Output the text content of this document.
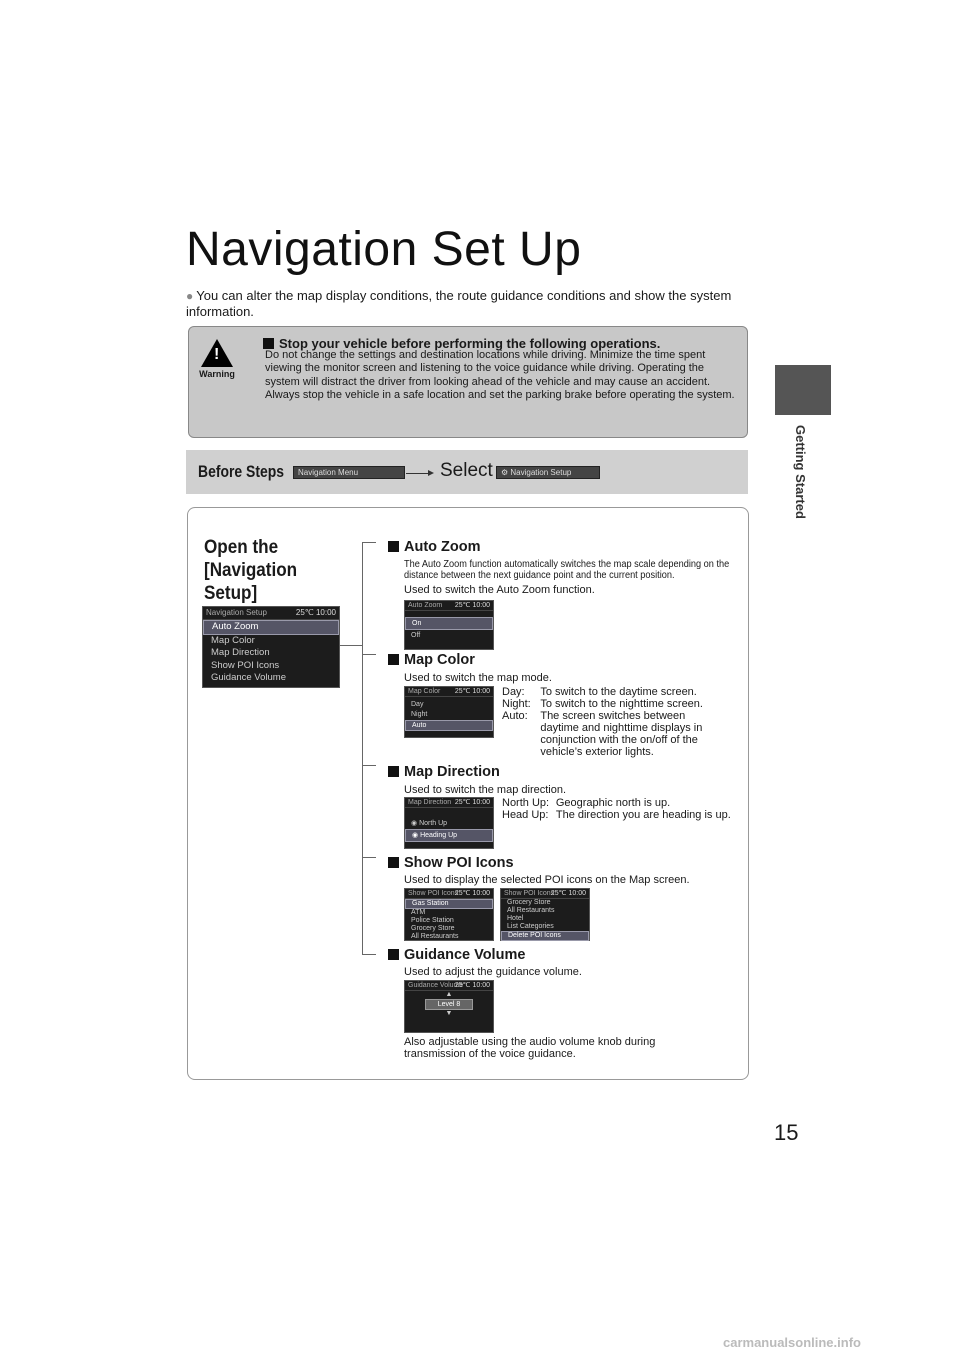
Getting Started
Navigation Set Up
● You can alter the map display conditions, the route guidance conditions and show the system information.
!
Warning
Stop your vehicle before performing the following operations.
Do not change the settings and destination locations while driving. Minimize the time spent viewing the monitor screen and listening to the voice guidance while driving. Operating the system will distract the driver from looking ahead of the vehicle and may cause an accident. Always stop the vehicle in a safe location and set the parking brake before operating the system.
Before Steps	Navigation Menu	Select	⚙ Navigation Setup
Open the
[Navigation
Setup]
Auto Zoom
The Auto Zoom function automatically switches the map scale depending on the distance between the next guidance point and the current position.
Used to switch the Auto Zoom function.
Auto Zoom 25℃ 10:00
On
Off
Map Color
Used to switch the map mode.
Map Color 25℃ 10:00
Day
Night
Auto
Day:	To switch to the daytime screen.
Night:	To switch to the nighttime screen.
Auto:	The screen switches between daytime and nighttime displays in conjunction with the on/off of the vehicle’s exterior lights.
Map Direction
Used to switch the map direction.
Map Direction 25℃ 10:00
◉ North Up
◉ Heading Up
North Up:	Geographic north is up.
Head Up:	The direction you are heading is up.
Show POI Icons
Used to display the selected POI icons on the Map screen.
Show POI Icons
25℃ 10:00
Gas Station
ATM
Police Station
Grocery Store
All Restaurants
Show POI Icons
25℃ 10:00
Grocery Store
All Restaurants
Hotel
List Categories
Delete POI Icons
Guidance Volume
Used to adjust the guidance volume.
Guidance Volume
25℃ 10:00
▲
Level 8
▼
Also adjustable using the audio volume knob during transmission of the voice guidance.
15
carmanualsonline.info
Navigation Setup	25℃ 10:00
Auto Zoom
Map Color
Map Direction
Show POI Icons
Guidance Volume
